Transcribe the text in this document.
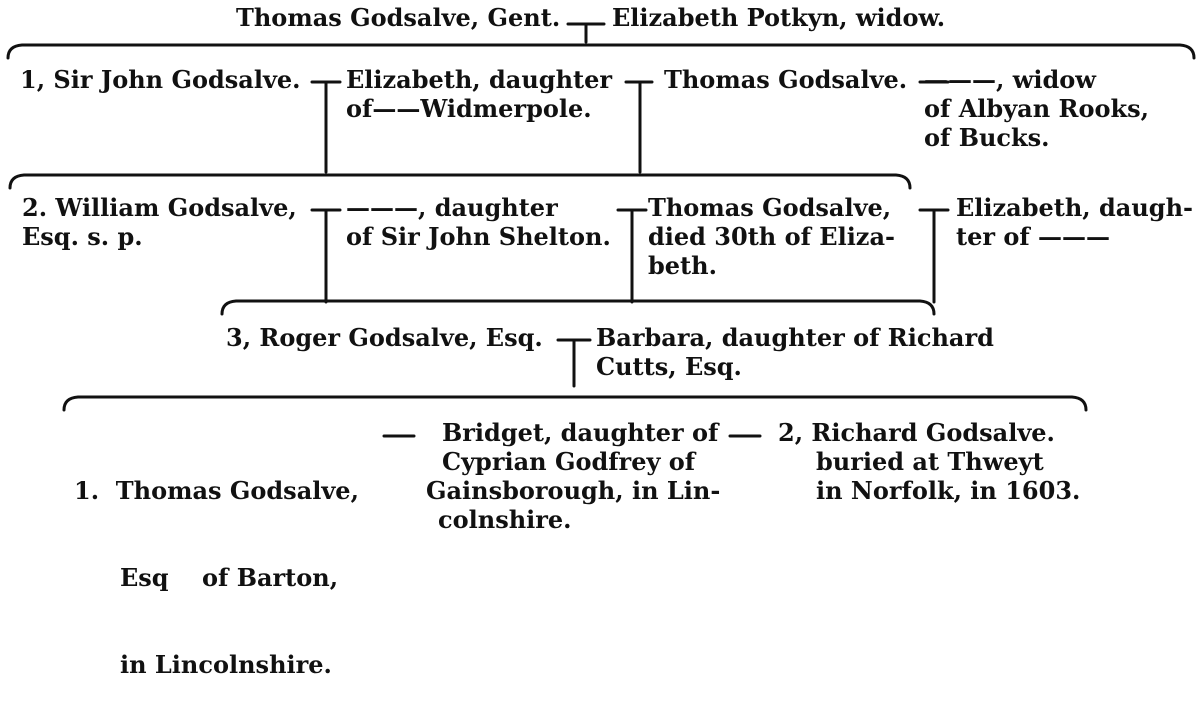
Thomas Godsalve, Gent. Elizabeth Potkyn, widow.
1, Sir John Godsalve. Elizabeth, daughter
of——Widmerpole.
Thomas Godsalve. ———, widow
of Albyan Rooks,
of Bucks.
2. William Godsalve,
Esq. s. p.
———, daughter
of Sir John Shelton.
Thomas Godsalve,
died 30th of Eliza-
beth.
Elizabeth, daugh-
ter of ———
3, Roger Godsalve, Esq. Barbara, daughter of Richard
Cutts, Esq.

1.  Thomas Godsalve,

Esq    of Barton,

in Lincolnshire.

Bridget, daughter of
Cyprian Godfrey of
Gainsborough, in Lin-
colnshire.
2, Richard Godsalve.
buried at Thweyt
in Norfolk, in 1603.
